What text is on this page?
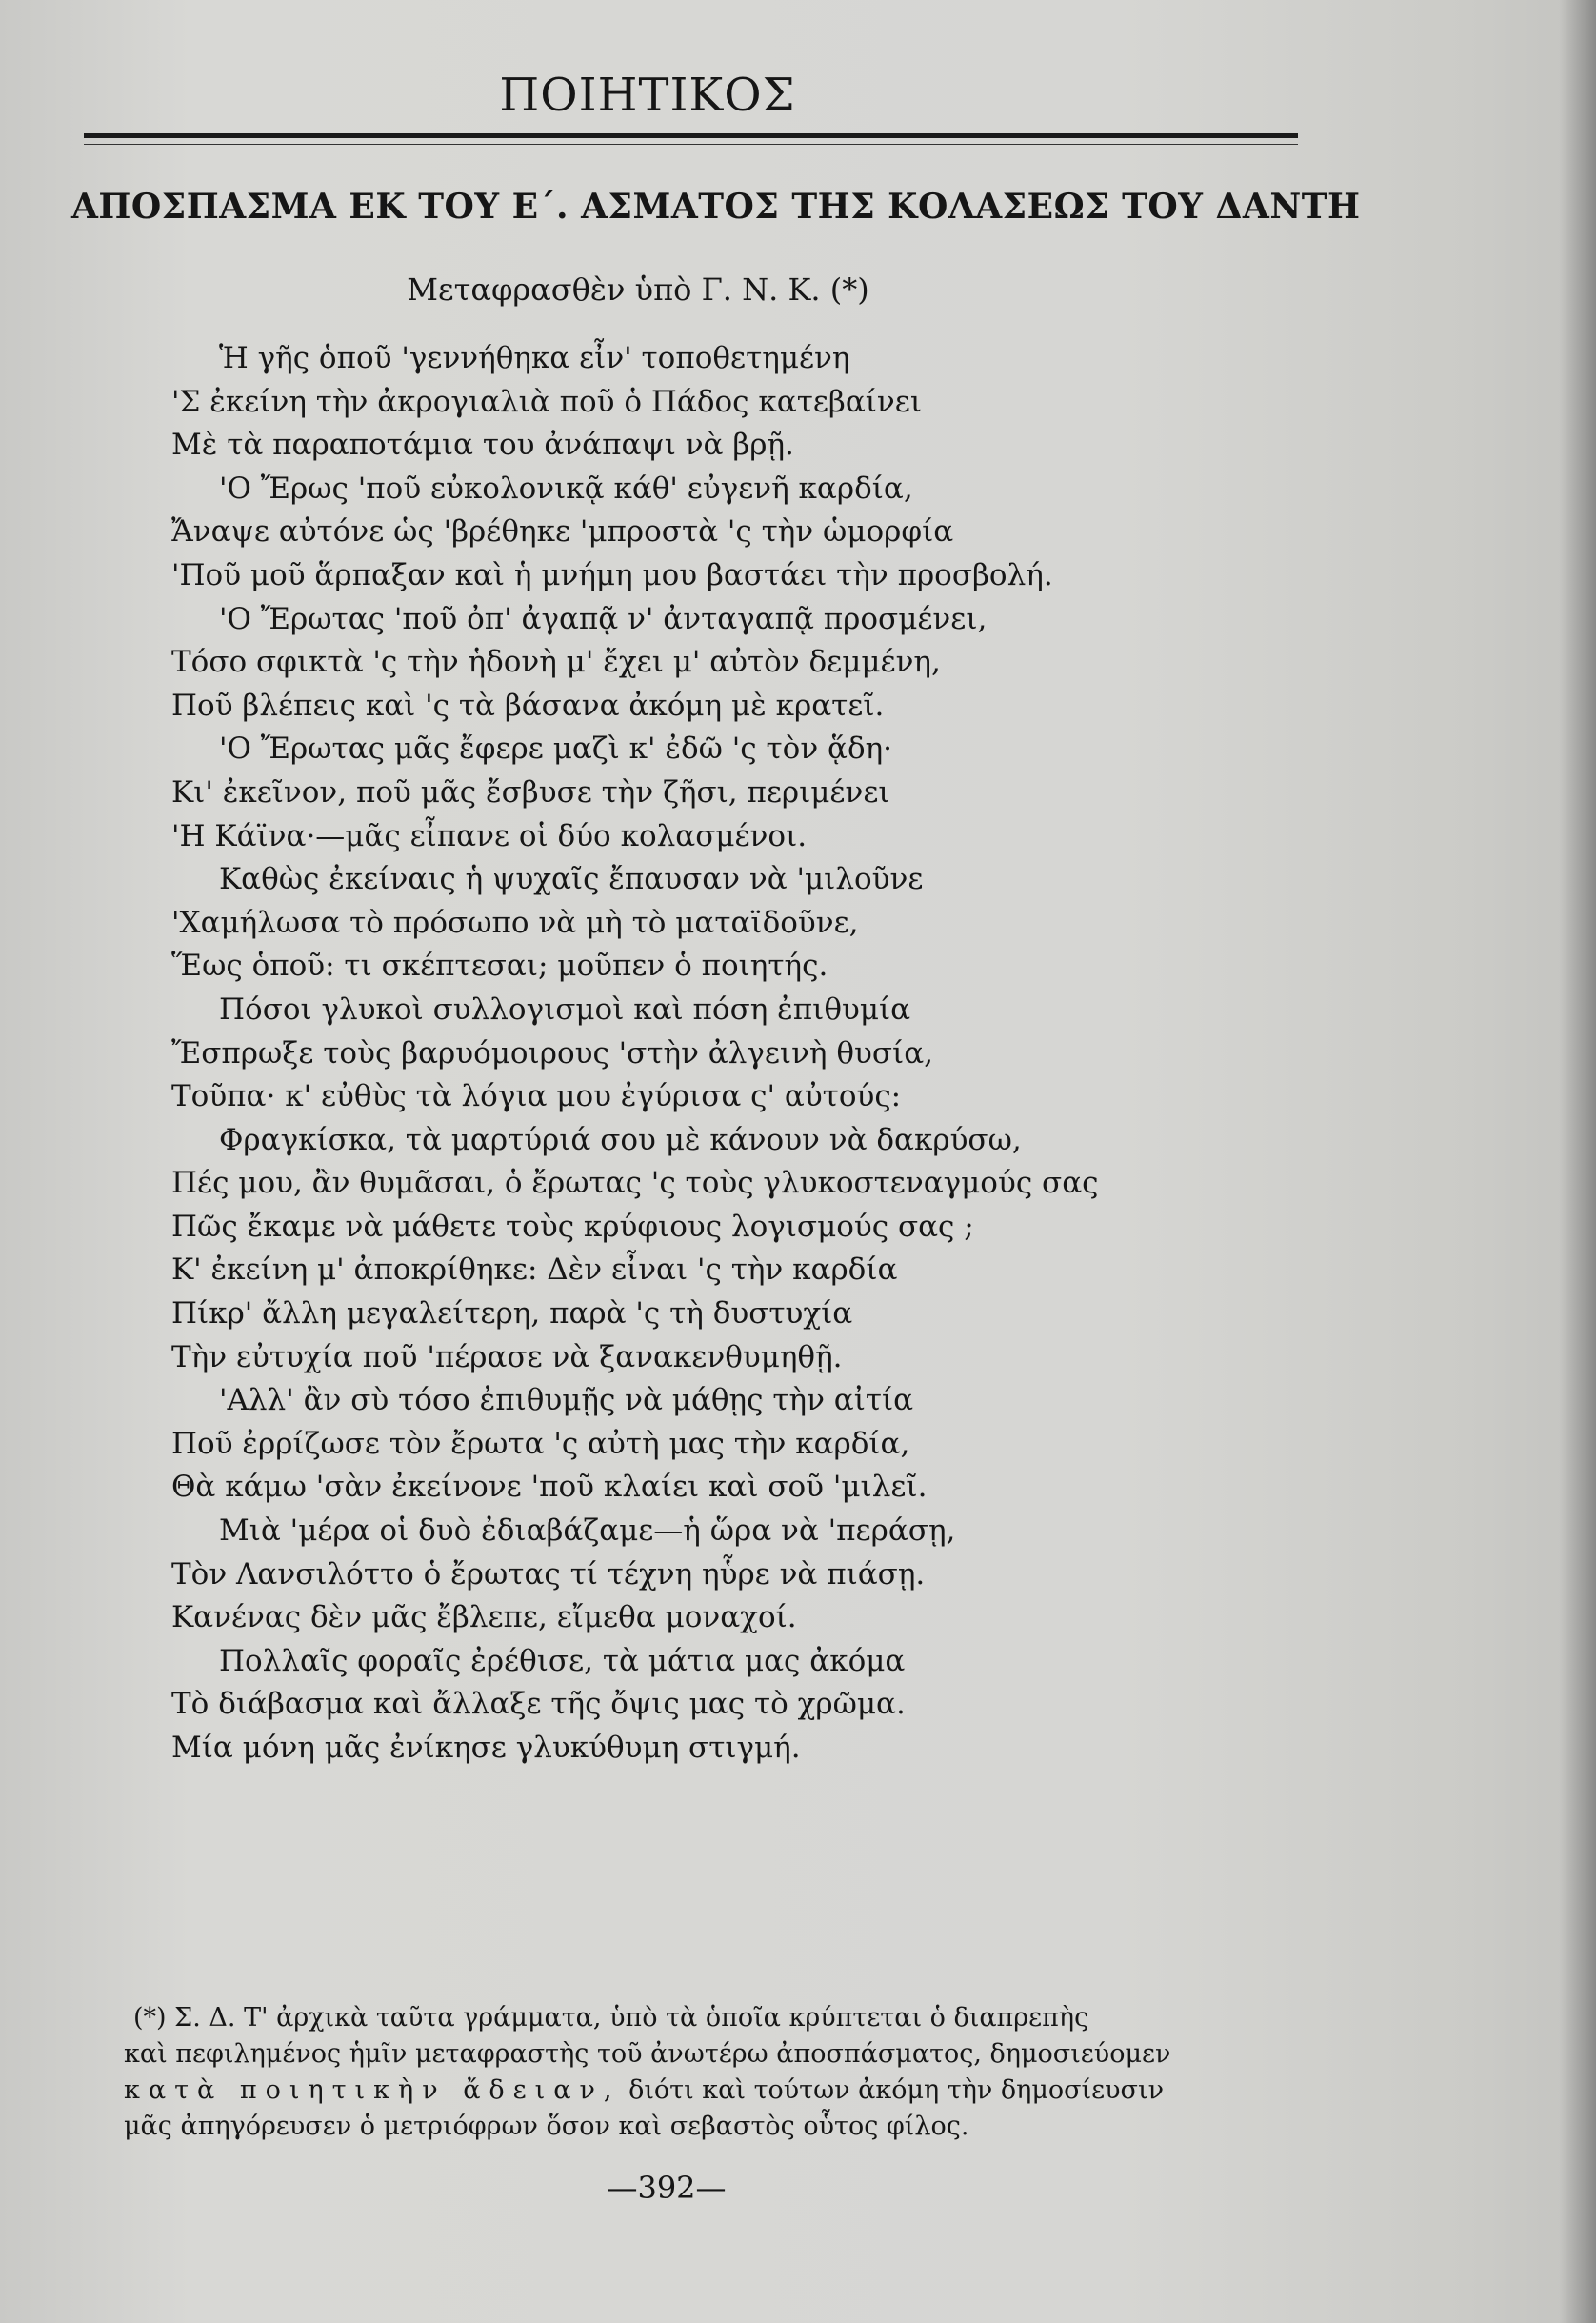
ΠΟΙΗΤΙΚΟΣ
ΑΠΟΣΠΑΣΜΑ ΕΚ ΤΟΥ Ε΄. ΑΣΜΑΤΟΣ ΤΗΣ ΚΟΛΑΣΕΩΣ ΤΟΥ ΔΑΝΤΗ
Μεταφρασθὲν ὑπὸ Γ. Ν. Κ. (*)
Ἡ γῆς ὁποῦ 'γεννήθηκα εἶν' τοποθετημένη
'Σ ἐκείνη τὴν ἀκρογιαλιὰ ποῦ ὁ Πάδος κατεβαίνει
Μὲ τὰ παραποτάμια του ἀνάπαψι νὰ βρῇ.
'Ο Ἔρως 'ποῦ εὐκολονικᾷ κάθ' εὐγενῆ καρδία,
Ἄναψε αὐτόνε ὡς 'βρέθηκε 'μπροστὰ 'ς τὴν ὡμορφία
'Ποῦ μοῦ ἅρπαξαν καὶ ἡ μνήμη μου βαστάει τὴν προσβολή.
'Ο Ἔρωτας 'ποῦ ὀπ' ἀγαπᾷ ν' ἀνταγαπᾷ προσμένει,
Τόσο σφικτὰ 'ς τὴν ἡδονὴ μ' ἔχει μ' αὐτὸν δεμμένη,
Ποῦ βλέπεις καὶ 'ς τὰ βάσανα ἀκόμη μὲ κρατεῖ.
'Ο Ἔρωτας μᾶς ἔφερε μαζὶ κ' ἐδῶ 'ς τὸν ᾅδη·
Κι' ἐκεῖνον, ποῦ μᾶς ἔσβυσε τὴν ζῆσι, περιμένει
'Η Κάϊνα·—μᾶς εἶπανε οἱ δύο κολασμένοι.
Καθὼς ἐκείναις ἡ ψυχαῖς ἔπαυσαν νὰ 'μιλοῦνε
'Χαμήλωσα τὸ πρόσωπο νὰ μὴ τὸ ματαϊδοῦνε,
Ἕως ὁποῦ: τι σκέπτεσαι; μοῦπεν ὁ ποιητής.
Πόσοι γλυκοὶ συλλογισμοὶ καὶ πόση ἐπιθυμία
Ἔσπρωξε τοὺς βαρυόμοιρους 'στὴν ἀλγεινὴ θυσία,
Τοῦπα· κ' εὐθὺς τὰ λόγια μου ἐγύρισα ς' αὐτούς:
Φραγκίσκα, τὰ μαρτύριά σου μὲ κάνουν νὰ δακρύσω,
Πές μου, ἂν θυμᾶσαι, ὁ ἔρωτας 'ς τοὺς γλυκοστεναγμούς σας
Πῶς ἔκαμε νὰ μάθετε τοὺς κρύφιους λογισμούς σας ;
Κ' ἐκείνη μ' ἀποκρίθηκε: Δὲν εἶναι 'ς τὴν καρδία
Πίκρ' ἄλλη μεγαλείτερη, παρὰ 'ς τὴ δυστυχία
Τὴν εὐτυχία ποῦ 'πέρασε νὰ ξανακενθυμηθῇ.
'Αλλ' ἂν σὺ τόσο ἐπιθυμῇς νὰ μάθῃς τὴν αἰτία
Ποῦ ἐρρίζωσε τὸν ἔρωτα 'ς αὐτὴ μας τὴν καρδία,
Θὰ κάμω 'σὰν ἐκείνονε 'ποῦ κλαίει καὶ σοῦ 'μιλεῖ.
Μιὰ 'μέρα οἱ δυὸ ἐδιαβάζαμε—ἡ ὥρα νὰ 'περάσῃ,
Τὸν Λανσιλόττο ὁ ἔρωτας τί τέχνη ηὗρε νὰ πιάσῃ.
Κανένας δὲν μᾶς ἔβλεπε, εἴμεθα μοναχοί.
Πολλαῖς φοραῖς ἐρέθισε, τὰ μάτια μας ἀκόμα
Τὸ διάβασμα καὶ ἄλλαξε τῆς ὄψις μας τὸ χρῶμα.
Μία μόνη μᾶς ἐνίκησε γλυκύθυμη στιγμή.
(*) Σ. Δ. Τ' ἀρχικὰ ταῦτα γράμματα, ὑπὸ τὰ ὁποῖα κρύπτεται ὁ διαπρεπὴς
καὶ πεφιλημένος ἡμῖν μεταφραστὴς τοῦ ἀνωτέρω ἀποσπάσματος, δημοσιεύομεν
κατὰ ποιητικὴν ἄδειαν, διότι καὶ τούτων ἀκόμη τὴν δημοσίευσιν
μᾶς ἀπηγόρευσεν ὁ μετριόφρων ὅσον καὶ σεβαστὸς οὗτος φίλος.
—392—
